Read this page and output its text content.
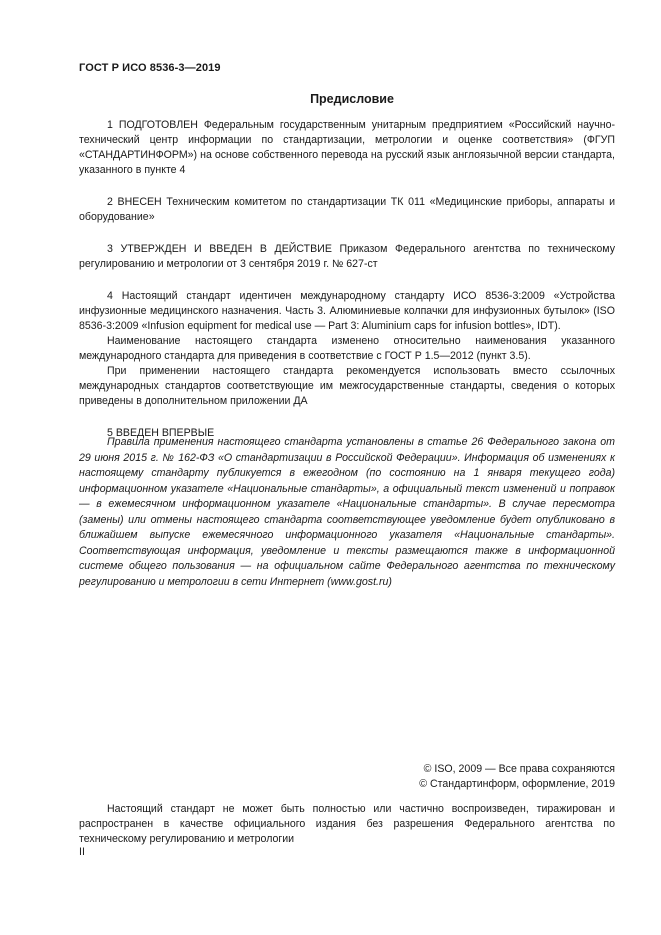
ГОСТ Р ИСО 8536-3—2019
Предисловие

1 ПОДГОТОВЛЕН Федеральным государственным унитарным предприятием «Российский научно-технический центр информации по стандартизации, метрологии и оценке соответствия» (ФГУП «СТАНДАРТИНФОРМ») на основе собственного перевода на русский язык англоязычной версии стандарта, указанного в пункте 4

2 ВНЕСЕН Техническим комитетом по стандартизации ТК 011 «Медицинские приборы, аппараты и оборудование»

3 УТВЕРЖДЕН И ВВЕДЕН В ДЕЙСТВИЕ Приказом Федерального агентства по техническому регулированию и метрологии от 3 сентября 2019 г. № 627-ст

4 Настоящий стандарт идентичен международному стандарту ИСО 8536-3:2009 «Устройства инфузионные медицинского назначения. Часть 3. Алюминиевые колпачки для инфузионных бутылок» (ISO 8536-3:2009 «Infusion equipment for medical use — Part 3: Aluminium caps for infusion bottles», IDT).

Наименование настоящего стандарта изменено относительно наименования указанного международного стандарта для приведения в соответствие с ГОСТ Р 1.5—2012 (пункт 3.5).

При применении настоящего стандарта рекомендуется использовать вместо ссылочных международных стандартов соответствующие им межгосударственные стандарты, сведения о которых приведены в дополнительном приложении ДА

5 ВВЕДЕН ВПЕРВЫЕ

Правила применения настоящего стандарта установлены в статье 26 Федерального закона от 29 июня 2015 г. № 162-ФЗ «О стандартизации в Российской Федерации». Информация об изменениях к настоящему стандарту публикуется в ежегодном (по состоянию на 1 января текущего года) информационном указателе «Национальные стандарты», а официальный текст изменений и поправок — в ежемесячном информационном указателе «Национальные стандарты». В случае пересмотра (замены) или отмены настоящего стандарта соответствующее уведомление будет опубликовано в ближайшем выпуске ежемесячного информационного указателя «Национальные стандарты». Соответствующая информация, уведомление и тексты размещаются также в информационной системе общего пользования — на официальном сайте Федерального агентства по техническому регулированию и метрологии в сети Интернет (www.gost.ru)

© ISO, 2009 — Все права сохраняются
© Стандартинформ, оформление, 2019

Настоящий стандарт не может быть полностью или частично воспроизведен, тиражирован и распространен в качестве официального издания без разрешения Федерального агентства по техническому регулированию и метрологии

II
